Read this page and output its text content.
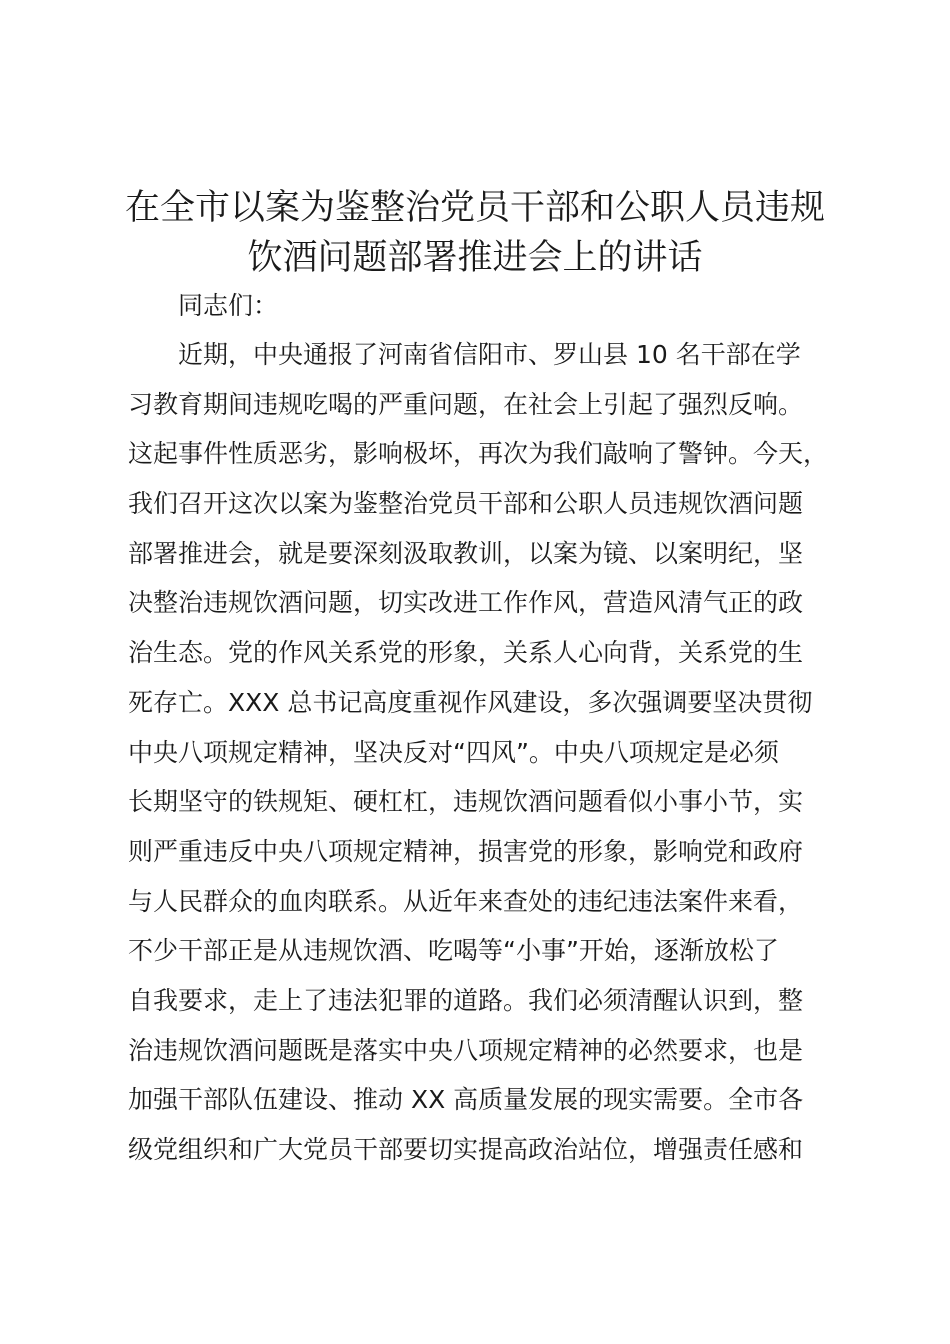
在全市以案为鉴整治党员干部和公职人员违规
饮酒问题部署推进会上的讲话

同志们：

近期，中央通报了河南省信阳市、罗山县 10 名干部在学
习教育期间违规吃喝的严重问题，在社会上引起了强烈反响。
这起事件性质恶劣，影响极坏，再次为我们敲响了警钟。今天，
我们召开这次以案为鉴整治党员干部和公职人员违规饮酒问题
部署推进会，就是要深刻汲取教训，以案为镜、以案明纪，坚
决整治违规饮酒问题，切实改进工作作风，营造风清气正的政
治生态。党的作风关系党的形象，关系人心向背，关系党的生
死存亡。XXX 总书记高度重视作风建设，多次强调要坚决贯彻
中央八项规定精神，坚决反对“四风”。中央八项规定是必须
长期坚守的铁规矩、硬杠杠，违规饮酒问题看似小事小节，实
则严重违反中央八项规定精神，损害党的形象，影响党和政府
与人民群众的血肉联系。从近年来查处的违纪违法案件来看，
不少干部正是从违规饮酒、吃喝等“小事”开始，逐渐放松了
自我要求，走上了违法犯罪的道路。我们必须清醒认识到，整
治违规饮酒问题既是落实中央八项规定精神的必然要求，也是
加强干部队伍建设、推动 XX 高质量发展的现实需要。全市各
级党组织和广大党员干部要切实提高政治站位，增强责任感和
